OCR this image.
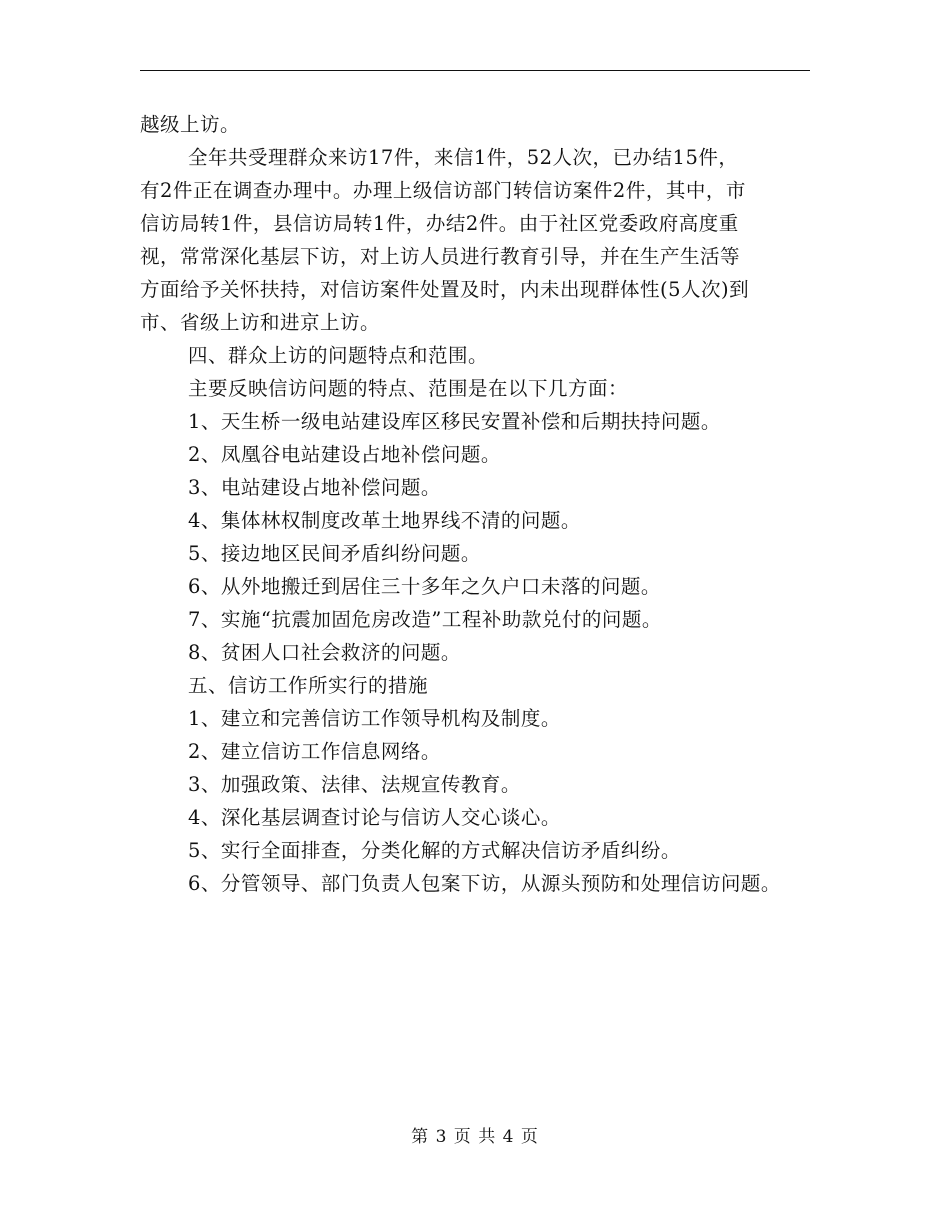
越级上访。

全年共受理群众来访17件，来信1件，52人次，已办结15件，

有2件正在调查办理中。办理上级信访部门转信访案件2件，其中，市

信访局转1件，县信访局转1件，办结2件。由于社区党委政府高度重

视，常常深化基层下访，对上访人员进行教育引导，并在生产生活等

方面给予关怀扶持，对信访案件处置及时，内未出现群体性(5人次)到

市、省级上访和进京上访。

四、群众上访的问题特点和范围。

主要反映信访问题的特点、范围是在以下几方面：

1、天生桥一级电站建设库区移民安置补偿和后期扶持问题。

2、凤凰谷电站建设占地补偿问题。

3、电站建设占地补偿问题。

4、集体林权制度改革土地界线不清的问题。

5、接边地区民间矛盾纠纷问题。

6、从外地搬迁到居住三十多年之久户口未落的问题。

7、实施“抗震加固危房改造”工程补助款兑付的问题。

8、贫困人口社会救济的问题。

五、信访工作所实行的措施

1、建立和完善信访工作领导机构及制度。

2、建立信访工作信息网络。

3、加强政策、法律、法规宣传教育。

4、深化基层调查讨论与信访人交心谈心。

5、实行全面排查，分类化解的方式解决信访矛盾纠纷。

6、分管领导、部门负责人包案下访，从源头预防和处理信访问题。

第 3 页 共 4 页
